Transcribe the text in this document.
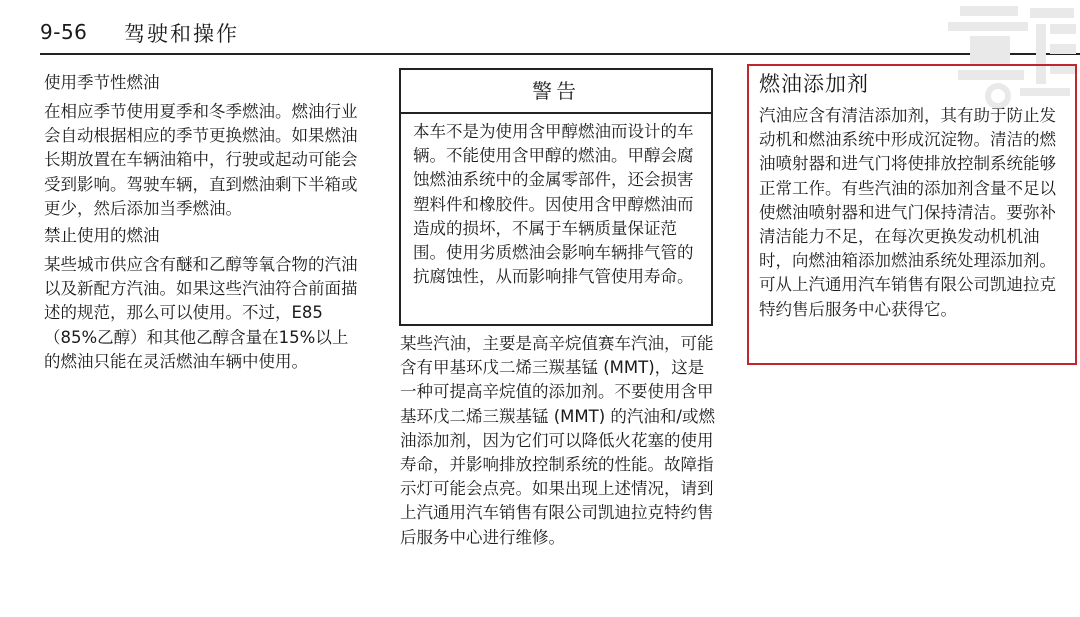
9-56 驾驶和操作

使用季节性燃油

在相应季节使用夏季和冬季燃油。燃油行业会自动根据相应的季节更换燃油。如果燃油长期放置在车辆油箱中，行驶或起动可能会受到影响。驾驶车辆，直到燃油剩下半箱或更少，然后添加当季燃油。

禁止使用的燃油

某些城市供应含有醚和乙醇等氧合物的汽油以及新配方汽油。如果这些汽油符合前面描述的规范，那么可以使用。不过，E85（85%乙醇）和其他乙醇含量在15%以上的燃油只能在灵活燃油车辆中使用。

警告
本车不是为使用含甲醇燃油而设计的车辆。不能使用含甲醇的燃油。甲醇会腐蚀燃油系统中的金属零部件，还会损害塑料件和橡胶件。因使用含甲醇燃油而造成的损坏，不属于车辆质量保证范围。使用劣质燃油会影响车辆排气管的抗腐蚀性，从而影响排气管使用寿命。

某些汽油，主要是高辛烷值赛车汽油，可能含有甲基环戊二烯三羰基锰 (MMT)，这是一种可提高辛烷值的添加剂。不要使用含甲基环戊二烯三羰基锰 (MMT) 的汽油和/或燃油添加剂，因为它们可以降低火花塞的使用寿命，并影响排放控制系统的性能。故障指示灯可能会点亮。如果出现上述情况，请到上汽通用汽车销售有限公司凯迪拉克特约售后服务中心进行维修。

燃油添加剂
汽油应含有清洁添加剂，其有助于防止发动机和燃油系统中形成沉淀物。清洁的燃油喷射器和进气门将使排放控制系统能够正常工作。有些汽油的添加剂含量不足以使燃油喷射器和进气门保持清洁。要弥补清洁能力不足，在每次更换发动机机油时，向燃油箱添加燃油系统处理添加剂。可从上汽通用汽车销售有限公司凯迪拉克特约售后服务中心获得它。
